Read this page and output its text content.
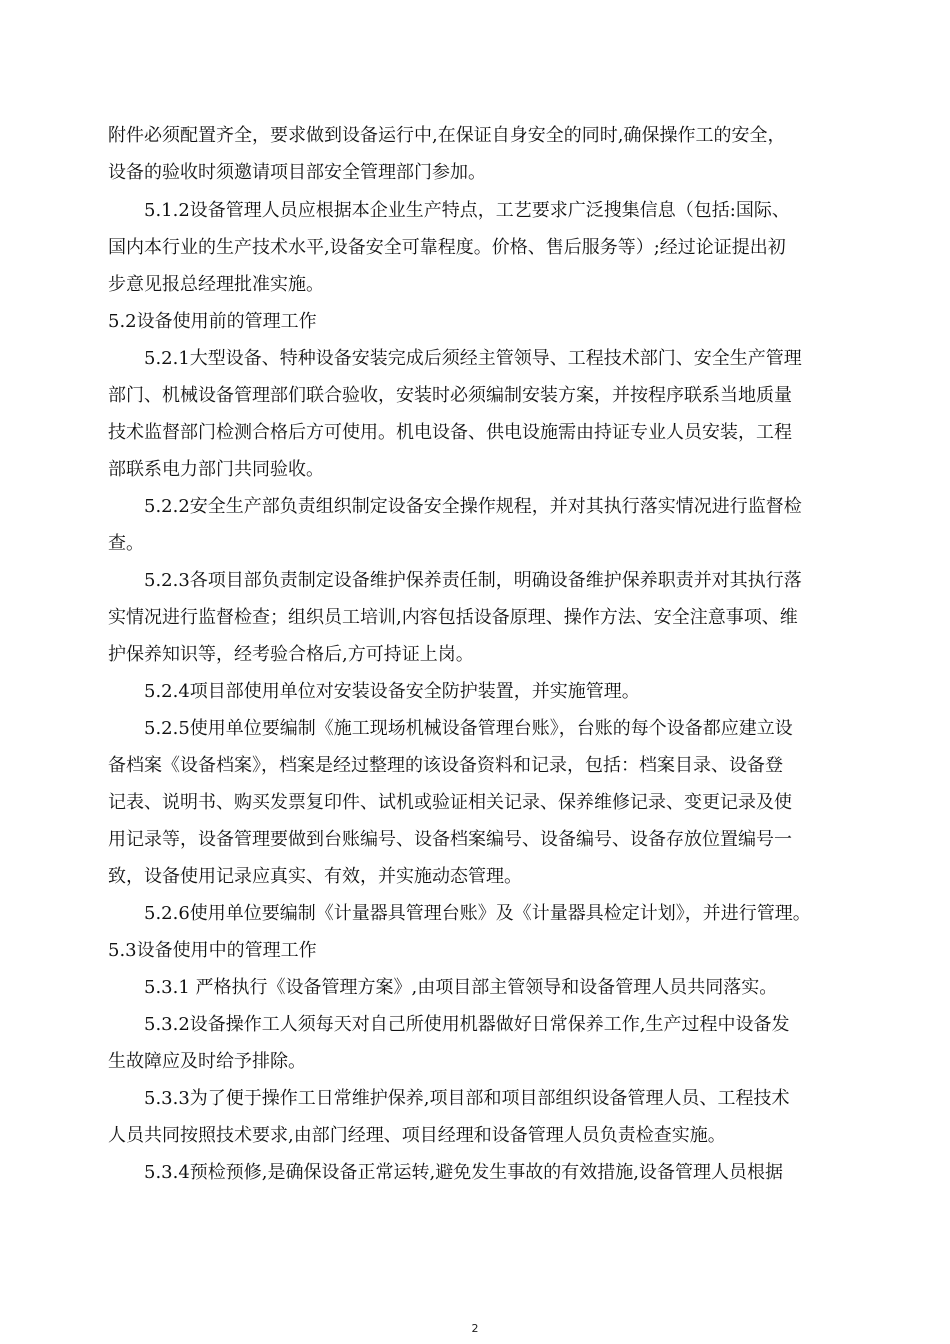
附件必须配置齐全，要求做到设备运行中,在保证自身安全的同时,确保操作工的安全，
设备的验收时须邀请项目部安全管理部门参加。
5.1.2设备管理人员应根据本企业生产特点，工艺要求广泛搜集信息（包括:国际、
国内本行业的生产技术水平,设备安全可靠程度。价格、售后服务等）;经过论证提出初
步意见报总经理批准实施。
5.2设备使用前的管理工作
5.2.1大型设备、特种设备安装完成后须经主管领导、工程技术部门、安全生产管理
部门、机械设备管理部们联合验收，安装时必须编制安装方案，并按程序联系当地质量
技术监督部门检测合格后方可使用。机电设备、供电设施需由持证专业人员安装，工程
部联系电力部门共同验收。
5.2.2安全生产部负责组织制定设备安全操作规程，并对其执行落实情况进行监督检
查。
5.2.3各项目部负责制定设备维护保养责任制，明确设备维护保养职责并对其执行落
实情况进行监督检查；组织员工培训,内容包括设备原理、操作方法、安全注意事项、维
护保养知识等，经考验合格后,方可持证上岗。
5.2.4项目部使用单位对安装设备安全防护装置，并实施管理。
5.2.5使用单位要编制《施工现场机械设备管理台账》，台账的每个设备都应建立设
备档案《设备档案》，档案是经过整理的该设备资料和记录，包括：档案目录、设备登
记表、说明书、购买发票复印件、试机或验证相关记录、保养维修记录、变更记录及使
用记录等，设备管理要做到台账编号、设备档案编号、设备编号、设备存放位置编号一
致，设备使用记录应真实、有效，并实施动态管理。
5.2.6使用单位要编制《计量器具管理台账》及《计量器具检定计划》，并进行管理。
5.3设备使用中的管理工作
5.3.1 严格执行《设备管理方案》,由项目部主管领导和设备管理人员共同落实。
5.3.2设备操作工人须每天对自己所使用机器做好日常保养工作,生产过程中设备发
生故障应及时给予排除。
5.3.3为了便于操作工日常维护保养,项目部和项目部组织设备管理人员、工程技术
人员共同按照技术要求,由部门经理、项目经理和设备管理人员负责检查实施。
5.3.4预检预修,是确保设备正常运转,避免发生事故的有效措施,设备管理人员根据
2
